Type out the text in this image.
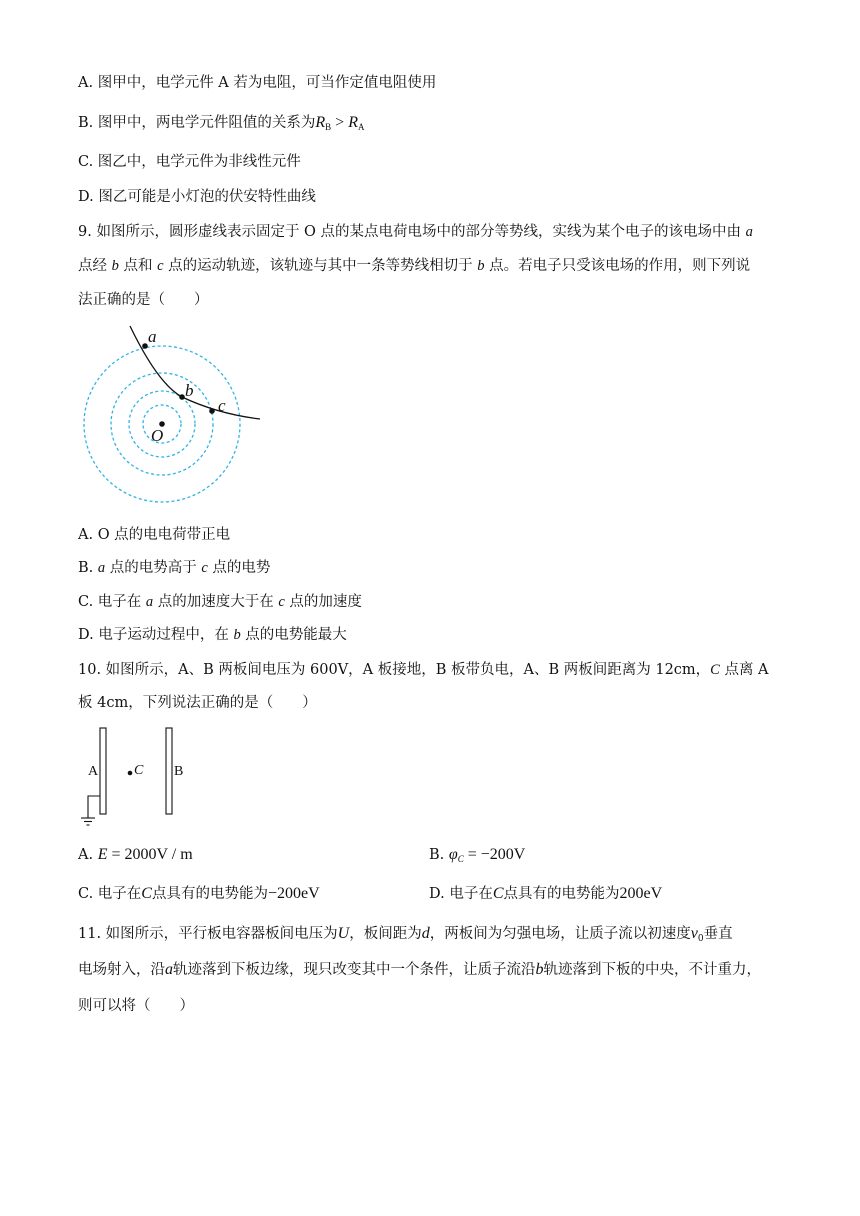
A. 图甲中，电学元件 A 若为电阻，可当作定值电阻使用
B. 图甲中，两电学元件阻值的关系为$R_B > R_A$
C. 图乙中，电学元件为非线性元件
D. 图乙可能是小灯泡的伏安特性曲线
9. 如图所示，圆形虚线表示固定于 O 点的某点电荷电场中的部分等势线，实线为某个电子的该电场中由 a
点经 b 点和 c 点的运动轨迹，该轨迹与其中一条等势线相切于 b 点。若电子只受该电场的作用，则下列说
法正确的是（　　）
a
b
c
O
A. O 点的电电荷带正电
B. a 点的电势高于 c 点的电势
C. 电子在 a 点的加速度大于在 c 点的加速度
D. 电子运动过程中，在 b 点的电势能最大
10. 如图所示，A、B 两板间电压为 600V，A 板接地，B 板带负电，A、B 两板间距离为 12cm，C 点离 A
板 4cm，下列说法正确的是（　　）
A	B
C
A. E = 2000V / m	B. $\varphi_C = -200V$
C. 电子在C点具有的电势能为−200eV	D. 电子在C点具有的电势能为200eV
11. 如图所示，平行板电容器板间电压为U，板间距为d，两板间为匀强电场，让质子流以初速度$v_0$垂直
电场射入，沿a轨迹落到下板边缘，现只改变其中一个条件，让质子流沿b轨迹落到下板的中央，不计重力，
则可以将（　　）
